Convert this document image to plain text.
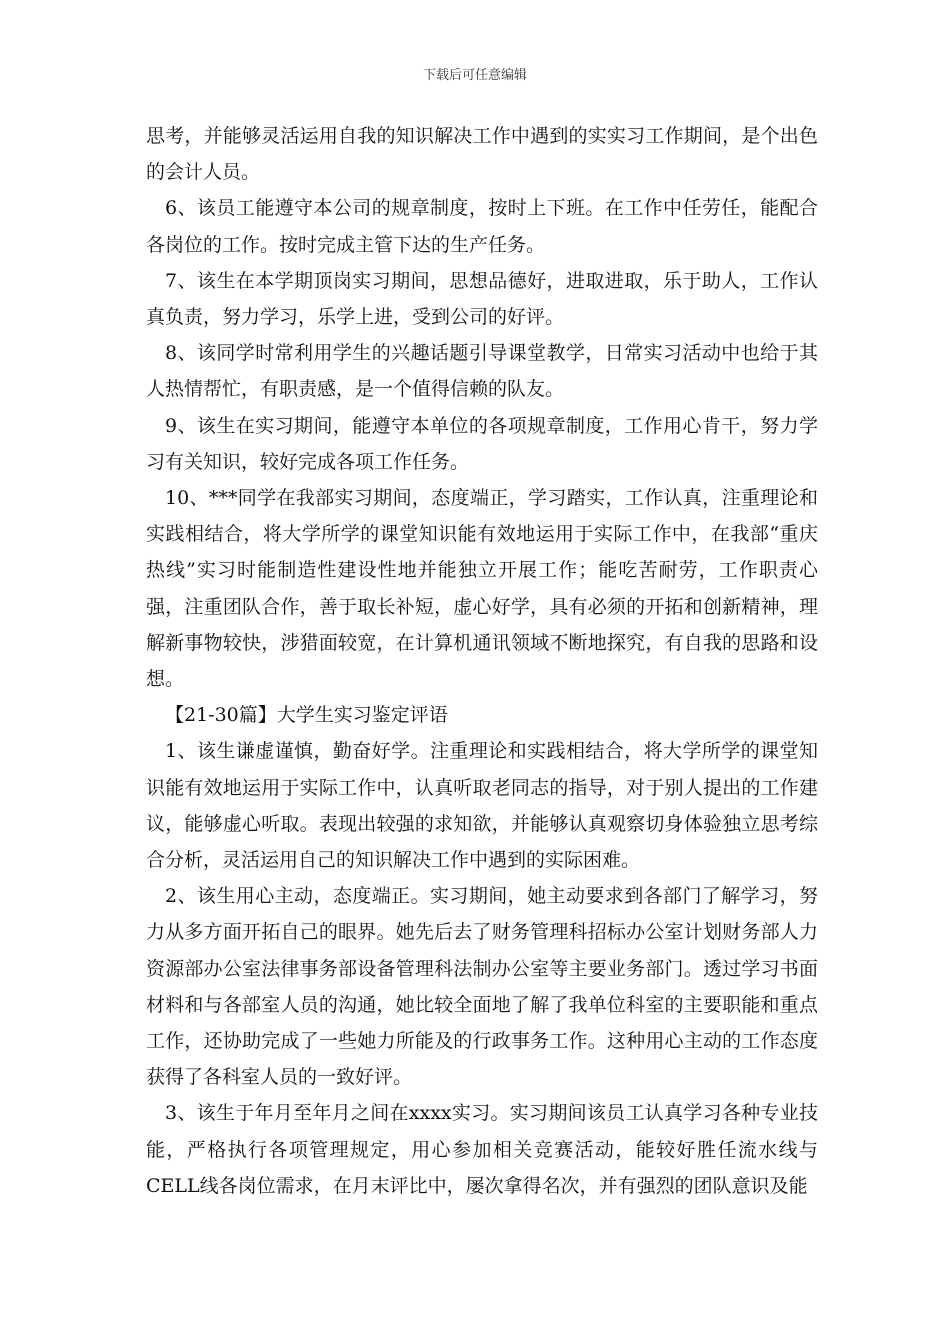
下载后可任意编辑

思考，并能够灵活运用自我的知识解决工作中遇到的实实习工作期间，是个出色的会计人员。

6、该员工能遵守本公司的规章制度，按时上下班。在工作中任劳任，能配合各岗位的工作。按时完成主管下达的生产任务。

7、该生在本学期顶岗实习期间，思想品德好，进取进取，乐于助人，工作认真负责，努力学习，乐学上进，受到公司的好评。

8、该同学时常利用学生的兴趣话题引导课堂教学，日常实习活动中也给于其人热情帮忙，有职责感，是一个值得信赖的队友。

9、该生在实习期间，能遵守本单位的各项规章制度，工作用心肯干，努力学习有关知识，较好完成各项工作任务。

10、***同学在我部实习期间，态度端正，学习踏实，工作认真，注重理论和实践相结合，将大学所学的课堂知识能有效地运用于实际工作中，在我部“重庆热线”实习时能制造性建设性地并能独立开展工作；能吃苦耐劳，工作职责心强，注重团队合作，善于取长补短，虚心好学，具有必须的开拓和创新精神，理解新事物较快，涉猎面较宽，在计算机通讯领域不断地探究，有自我的思路和设想。

【21-30篇】大学生实习鉴定评语

1、该生谦虚谨慎，勤奋好学。注重理论和实践相结合，将大学所学的课堂知识能有效地运用于实际工作中，认真听取老同志的指导，对于别人提出的工作建议，能够虚心听取。表现出较强的求知欲，并能够认真观察切身体验独立思考综合分析，灵活运用自己的知识解决工作中遇到的实际困难。

2、该生用心主动，态度端正。实习期间，她主动要求到各部门了解学习，努力从多方面开拓自己的眼界。她先后去了财务管理科招标办公室计划财务部人力资源部办公室法律事务部设备管理科法制办公室等主要业务部门。透过学习书面材料和与各部室人员的沟通，她比较全面地了解了我单位科室的主要职能和重点工作，还协助完成了一些她力所能及的行政事务工作。这种用心主动的工作态度获得了各科室人员的一致好评。

3、该生于年月至年月之间在xxxx实习。实习期间该员工认真学习各种专业技能，严格执行各项管理规定，用心参加相关竞赛活动，能较好胜任流水线与CELL线各岗位需求，在月末评比中，屡次拿得名次，并有强烈的团队意识及能
